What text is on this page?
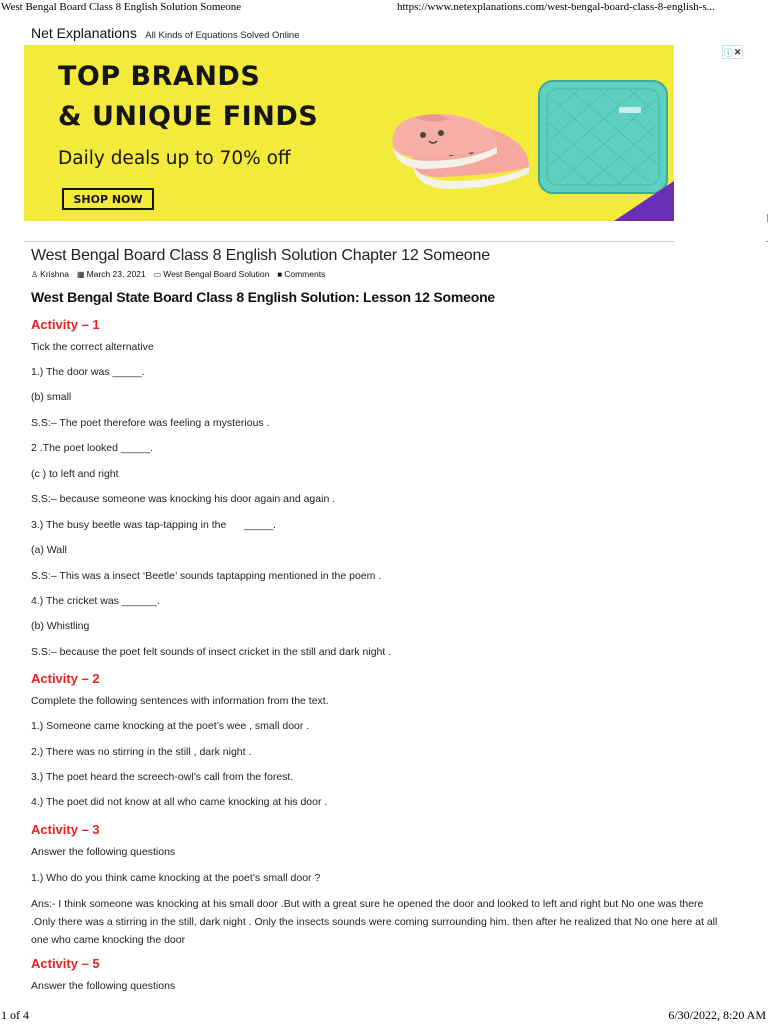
West Bengal Board Class 8 English Solution Someone	https://www.netexplanations.com/west-bengal-board-class-8-english-s...
Net Explanations All Kinds of Equations Solved Online
TOP BRANDS
& UNIQUE FINDS
Daily deals up to 70% off
SHOP NOW
ⓘ ✕
West Bengal Board Class 8 English Solution Chapter 12 Someone
♙ Krishna ▦ March 23, 2021 ▭ West Bengal Board Solution ■ Comments
West Bengal State Board Class 8 English Solution: Lesson 12 Someone
Activity – 1

Tick the correct alternative

1.) The door was _____.

(b) small

S.S:– The poet therefore was feeling a mysterious .

2 .The poet looked _____.

(c ) to left and right

S.S:– because someone was knocking his door again and again .

3.) The busy beetle was tap-tapping in the      _____.

(a) Wall

S.S:– This was a insect ‘Beetle’ sounds taptapping mentioned in the poem .

4.) The cricket was ______.

(b) Whistling

S.S:– because the poet felt sounds of insect cricket in the still and dark night .

Activity – 2

Complete the following sentences with information from the text.

1.) Someone came knocking at the poet’s wee , small door .

2.) There was no stirring in the still , dark night .

3.) The poet heard the screech-owl’s call from the forest.

4.) The poet did not know at all who came knocking at his door .

Activity – 3

Answer the following questions

1.) Who do you think came knocking at the poet’s small door ?

Ans:- I think someone was knocking at his small door .But with a great sure he opened the door and looked to left and right but No one was there .Only there was a stirring in the still, dark night . Only the insects sounds were coming surrounding him. then after he realized that No one here at all one who came knocking the door

Activity – 5

Answer the following questions

1 of 4	6/30/2022, 8:20 AM
